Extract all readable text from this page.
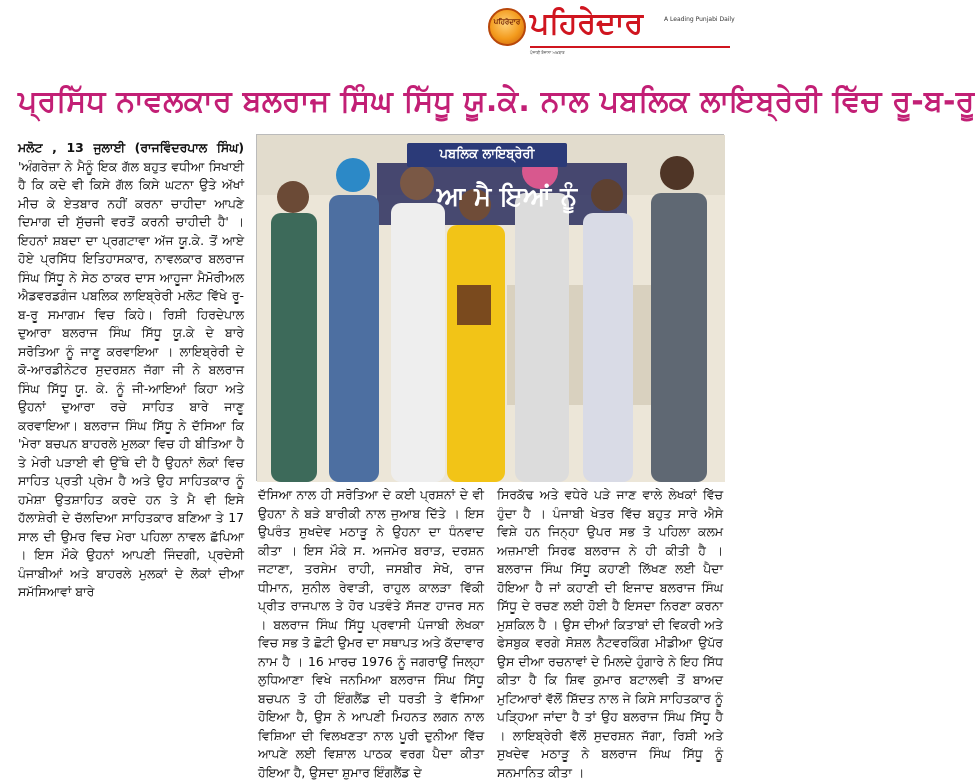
ਪਹਿਰੇਦਾਰ ਪਹਿਰੇਦਾਰ	A Leading Punjabi Daily
ਪੰਜਾਬੀ ਰੋਜ਼ਾਨਾ ਅਖ਼ਬਾਰ
ਪ੍ਰਸਿੱਧ ਨਾਵਲਕਾਰ ਬਲਰਾਜ ਸਿੰਘ ਸਿੱਧੂ ਯੂ.ਕੇ. ਨਾਲ ਪਬਲਿਕ ਲਾਇਬ੍ਰੇਰੀ ਵਿੱਚ ਰੂ-ਬ-ਰੂ

ਮਲੋਟ , 13 ਜੁਲਾਈ (ਰਾਜਵਿੰਦਰਪਾਲ ਸਿੰਘ) 'ਅੰਗਰੇਜ਼ਾ ਨੇ ਮੈਨੂੰ ਇਕ ਗੱਲ ਬਹੁਤ ਵਧੀਆ ਸਿਖਾਈ ਹੈ ਕਿ ਕਦੇ ਵੀ ਕਿਸੇ ਗੱਲ ਕਿਸੇ ਘਟਨਾ ਉਤੇ ਅੱਖਾਂ ਮੀਚ ਕੇ ਏਤਬਾਰ ਨਹੀਂ ਕਰਨਾ ਚਾਹੀਦਾ ਆਪਣੇ ਦਿਮਾਗ ਦੀ ਸੁੱਚਜੀ ਵਰਤੋਂ ਕਰਨੀ ਚਾਹੀਦੀ ਹੈ' । ਇਹਨਾਂ ਸ਼ਬਦਾ ਦਾ ਪ੍ਰਗਟਾਵਾ ਅੱਜ ਯੂ.ਕੇ. ਤੋਂ ਆਏ ਹੋਏ ਪ੍ਰਸਿੱਧ ਇਤਿਹਾਸਕਾਰ, ਨਾਵਲਕਾਰ ਬਲਰਾਜ ਸਿੰਘ ਸਿੱਧੂ ਨੇ ਸੇਠ ਠਾਕਰ ਦਾਸ ਆਹੂਜਾ ਮੈਮੋਰੀਅਲ ਐਡਵਰਡਗੰਜ ਪਬਲਿਕ ਲਾਇਬ੍ਰੇਰੀ ਮਲੋਟ ਵਿੱਖੇ ਰੂ-ਬ-ਰੂ ਸਮਾਗਮ ਵਿਚ ਕਿਹੇ। ਰਿਸ਼ੀ ਹਿਰਦੇਪਾਲ ਦੁਆਰਾ ਬਲਰਾਜ ਸਿੰਘ ਸਿੱਧੂ ਯੂ.ਕੇ ਦੇ ਬਾਰੇ ਸਰੋਤਿਆ ਨੂੰ ਜਾਣੂ ਕਰਵਾਇਆ । ਲਾਇਬ੍ਰੇਰੀ ਦੇ ਕੋ-ਆਰਡੀਨੇਟਰ ਸੁਦਰਸ਼ਨ ਜੱਗਾ ਜੀ ਨੇ ਬਲਰਾਜ ਸਿੰਘ ਸਿੱਧੂ ਯੂ. ਕੇ. ਨੂੰ ਜੀ-ਆਇਆਂ ਕਿਹਾ ਅਤੇ ਉਹਨਾਂ ਦੁਆਰਾ ਰਚੇ ਸਾਹਿਤ ਬਾਰੇ ਜਾਣੂ ਕਰਵਾਇਆ। ਬਲਰਾਜ ਸਿੰਘ ਸਿੱਧੂ ਨੇ ਦੱਸਿਆ ਕਿ 'ਮੇਰਾ ਬਚਪਨ ਬਾਹਰਲੇ ਮੁਲਕਾ ਵਿਚ ਹੀ ਬੀਤਿਆ ਹੈ ਤੇ ਮੇਰੀ ਪੜਾਈ ਵੀ ਉੱਥੇ ਦੀ ਹੈ ਉਹਨਾਂ ਲੋਕਾਂ ਵਿਚ ਸਾਹਿਤ ਪ੍ਰਤੀ ਪ੍ਰੇਮ ਹੈ ਅਤੇ ਉਹ ਸਾਹਿਤਕਾਰ ਨੂੰ ਹਮੇਸ਼ਾ ਉਤਸ਼ਾਹਿਤ ਕਰਦੇ ਹਨ ਤੇ ਮੈ ਵੀ ਇਸੇ ਹੱਲਾਸ਼ੇਰੀ ਦੇ ਚੱਲਦਿਆ ਸਾਹਿਤਕਾਰ ਬਣਿਆ ਤੇ 17 ਸਾਲ ਦੀ ਉਮਰ ਵਿਚ ਮੇਰਾ ਪਹਿਲਾ ਨਾਵਲ ਛੱਪਿਆ । ਇਸ ਮੌਕੇ ਉਹਨਾਂ ਆਪਣੀ ਜਿੰਦਗੀ, ਪ੍ਰਦੇਸੀ ਪੰਜਾਬੀਆਂ ਅਤੇ ਬਾਹਰਲੇ ਮੁਲਕਾਂ ਦੇ ਲੋਕਾਂ ਦੀਆ ਸਮੱਸਿਆਵਾਂ ਬਾਰੇ

ਆ ਮੈ ਇਆਂ ਨੂੰ
ਪਬਲਿਕ ਲਾਇਬ੍ਰੇਰੀ

ਦੱਸਿਆ ਨਾਲ ਹੀ ਸਰੋਤਿਆ ਦੇ ਕਈ ਪ੍ਰਸ਼ਨਾਂ ਦੇ ਵੀ ਉਹਨਾ ਨੇ ਬੜੇ ਬਾਰੀਕੀ ਨਾਲ ਜੁਆਬ ਦਿੱਤੇ । ਇਸ ਉਪਰੰਤ ਸੁਖਦੇਵ ਮਠਾੜੂ ਨੇ ਉਹਨਾ ਦਾ ਧੰਨਵਾਦ ਕੀਤਾ । ਇਸ ਮੌਕੇ ਸ. ਅਜਮੇਰ ਬਰਾੜ, ਦਰਸ਼ਨ ਜਟਾਣਾ, ਤਰਸੇਮ ਰਾਹੀ, ਜਸਬੀਰ ਸੇਖੋ, ਰਾਜ ਧੀਮਾਨ, ਸੁਨੀਲ ਰੇਵਾੜੀ, ਰਾਹੁਲ ਕਾਲੜਾ ਵਿੱਕੀ ਪ੍ਰੀਤ ਰਾਜਪਾਲ ਤੇ ਹੋਰ ਪਤਵੰਤੇ ਸੱਜਣ ਹਾਜਰ ਸਨ । ਬਲਰਾਜ ਸਿੰਘ ਸਿੱਧੂ ਪ੍ਰਵਾਸੀ ਪੰਜਾਬੀ ਲੇਖਕਾ ਵਿਚ ਸਭ ਤੋ ਛੋਟੀ ਉਮਰ ਦਾ ਸਥਾਪਤ ਅਤੇ ਕੱਦਾਵਾਰ ਨਾਮ ਹੈ । 16 ਮਾਰਚ 1976 ਨੂੰ ਜਗਰਾਉਂ ਜਿਲ੍ਹਾ ਲੁਧਿਆਣਾ ਵਿਖੇ ਜਨਮਿਆ ਬਲਰਾਜ ਸਿੰਘ ਸਿੱਧੂ ਬਚਪਨ ਤੋ ਹੀ ਇੰਗਲੈਂਡ ਦੀ ਧਰਤੀ ਤੇ ਵੱਸਿਆ ਹੋਇਆ ਹੈ, ਉਸ ਨੇ ਆਪਣੀ ਮਿਹਨਤ ਲਗਨ ਨਾਲ ਵਿਸ਼ਿਆ ਦੀ ਵਿਲਖਣਤਾ ਨਾਲ ਪੂਰੀ ਦੁਨੀਆ ਵਿੱਚ ਆਪਣੇ ਲਈ ਵਿਸ਼ਾਲ ਪਾਠਕ ਵਰਗ ਪੈਦਾ ਕੀਤਾ ਹੋਇਆ ਹੈ, ਉਸਦਾ ਸ਼ੁਮਾਰ ਇੰਗਲੈਂਡ ਦੇ

ਸਿਰਕੱਢ ਅਤੇ ਵਧੇਰੇ ਪੜੇ ਜਾਣ ਵਾਲੇ ਲੇਖਕਾਂ ਵਿੱਚ ਹੁੰਦਾ ਹੈ । ਪੰਜਾਬੀ ਖੇਤਰ ਵਿੱਚ ਬਹੁਤ ਸਾਰੇ ਐਸੇ ਵਿਸ਼ੇ ਹਨ ਜਿਨ੍ਹਾ ਉਪਰ ਸਭ ਤੋ ਪਹਿਲਾ ਕਲਮ ਅਜ਼ਮਾਈ ਸਿਰਫ ਬਲਰਾਜ ਨੇ ਹੀ ਕੀਤੀ ਹੈ । ਬਲਰਾਜ ਸਿੰਘ ਸਿੱਧੂ ਕਹਾਣੀ ਲਿੱਖਣ ਲਈ ਪੈਦਾ ਹੋਇਆ ਹੈ ਜਾਂ ਕਹਾਣੀ ਦੀ ਇਜਾਦ ਬਲਰਾਜ ਸਿੰਘ ਸਿੱਧੂ ਦੇ ਰਚਣ ਲਈ ਹੋਈ ਹੈ ਇਸਦਾ ਨਿਰਣਾ ਕਰਨਾ ਮੁਸ਼ਕਿਲ ਹੈ । ਉਸ ਦੀਆਂ ਕਿਤਾਬਾਂ ਦੀ ਵਿਕਰੀ ਅਤੇ ਫੇਸਬੁਕ ਵਰਗੇ ਸੋਸ਼ਲ ਨੈਟਵਰਕਿੰਗ ਮੀਡੀਆ ਉਪੱਰ ਉਸ ਦੀਆ ਰਚਨਾਵਾਂ ਦੇ ਮਿਲਦੇ ਹੁੰਗਾਰੇ ਨੇ ਇਹ ਸਿੱਧ ਕੀਤਾ ਹੈ ਕਿ ਸ਼ਿਵ ਕੁਮਾਰ ਬਟਾਲਵੀ ਤੋਂ ਬਾਅਦ ਮੁਟਿਆਰਾਂ ਵੱਲੋਂ ਸ਼ਿੱਦਤ ਨਾਲ ਜੇ ਕਿਸੇ ਸਾਹਿਤਕਾਰ ਨੂੰ ਪੜ੍ਹਿਆ ਜਾਂਦਾ ਹੈ ਤਾਂ ਉਹ ਬਲਰਾਜ ਸਿੰਘ ਸਿੱਧੂ ਹੈ । ਲਾਇਬ੍ਰੇਰੀ ਵੱਲੋਂ ਸੁਦਰਸ਼ਨ ਜੱਗਾ, ਰਿਸ਼ੀ ਅਤੇ ਸੁਖਦੇਵ ਮਠਾੜੂ ਨੇ ਬਲਰਾਜ ਸਿੰਘ ਸਿੱਧੂ ਨੂੰ ਸਨਮਾਨਿਤ ਕੀਤਾ ।
